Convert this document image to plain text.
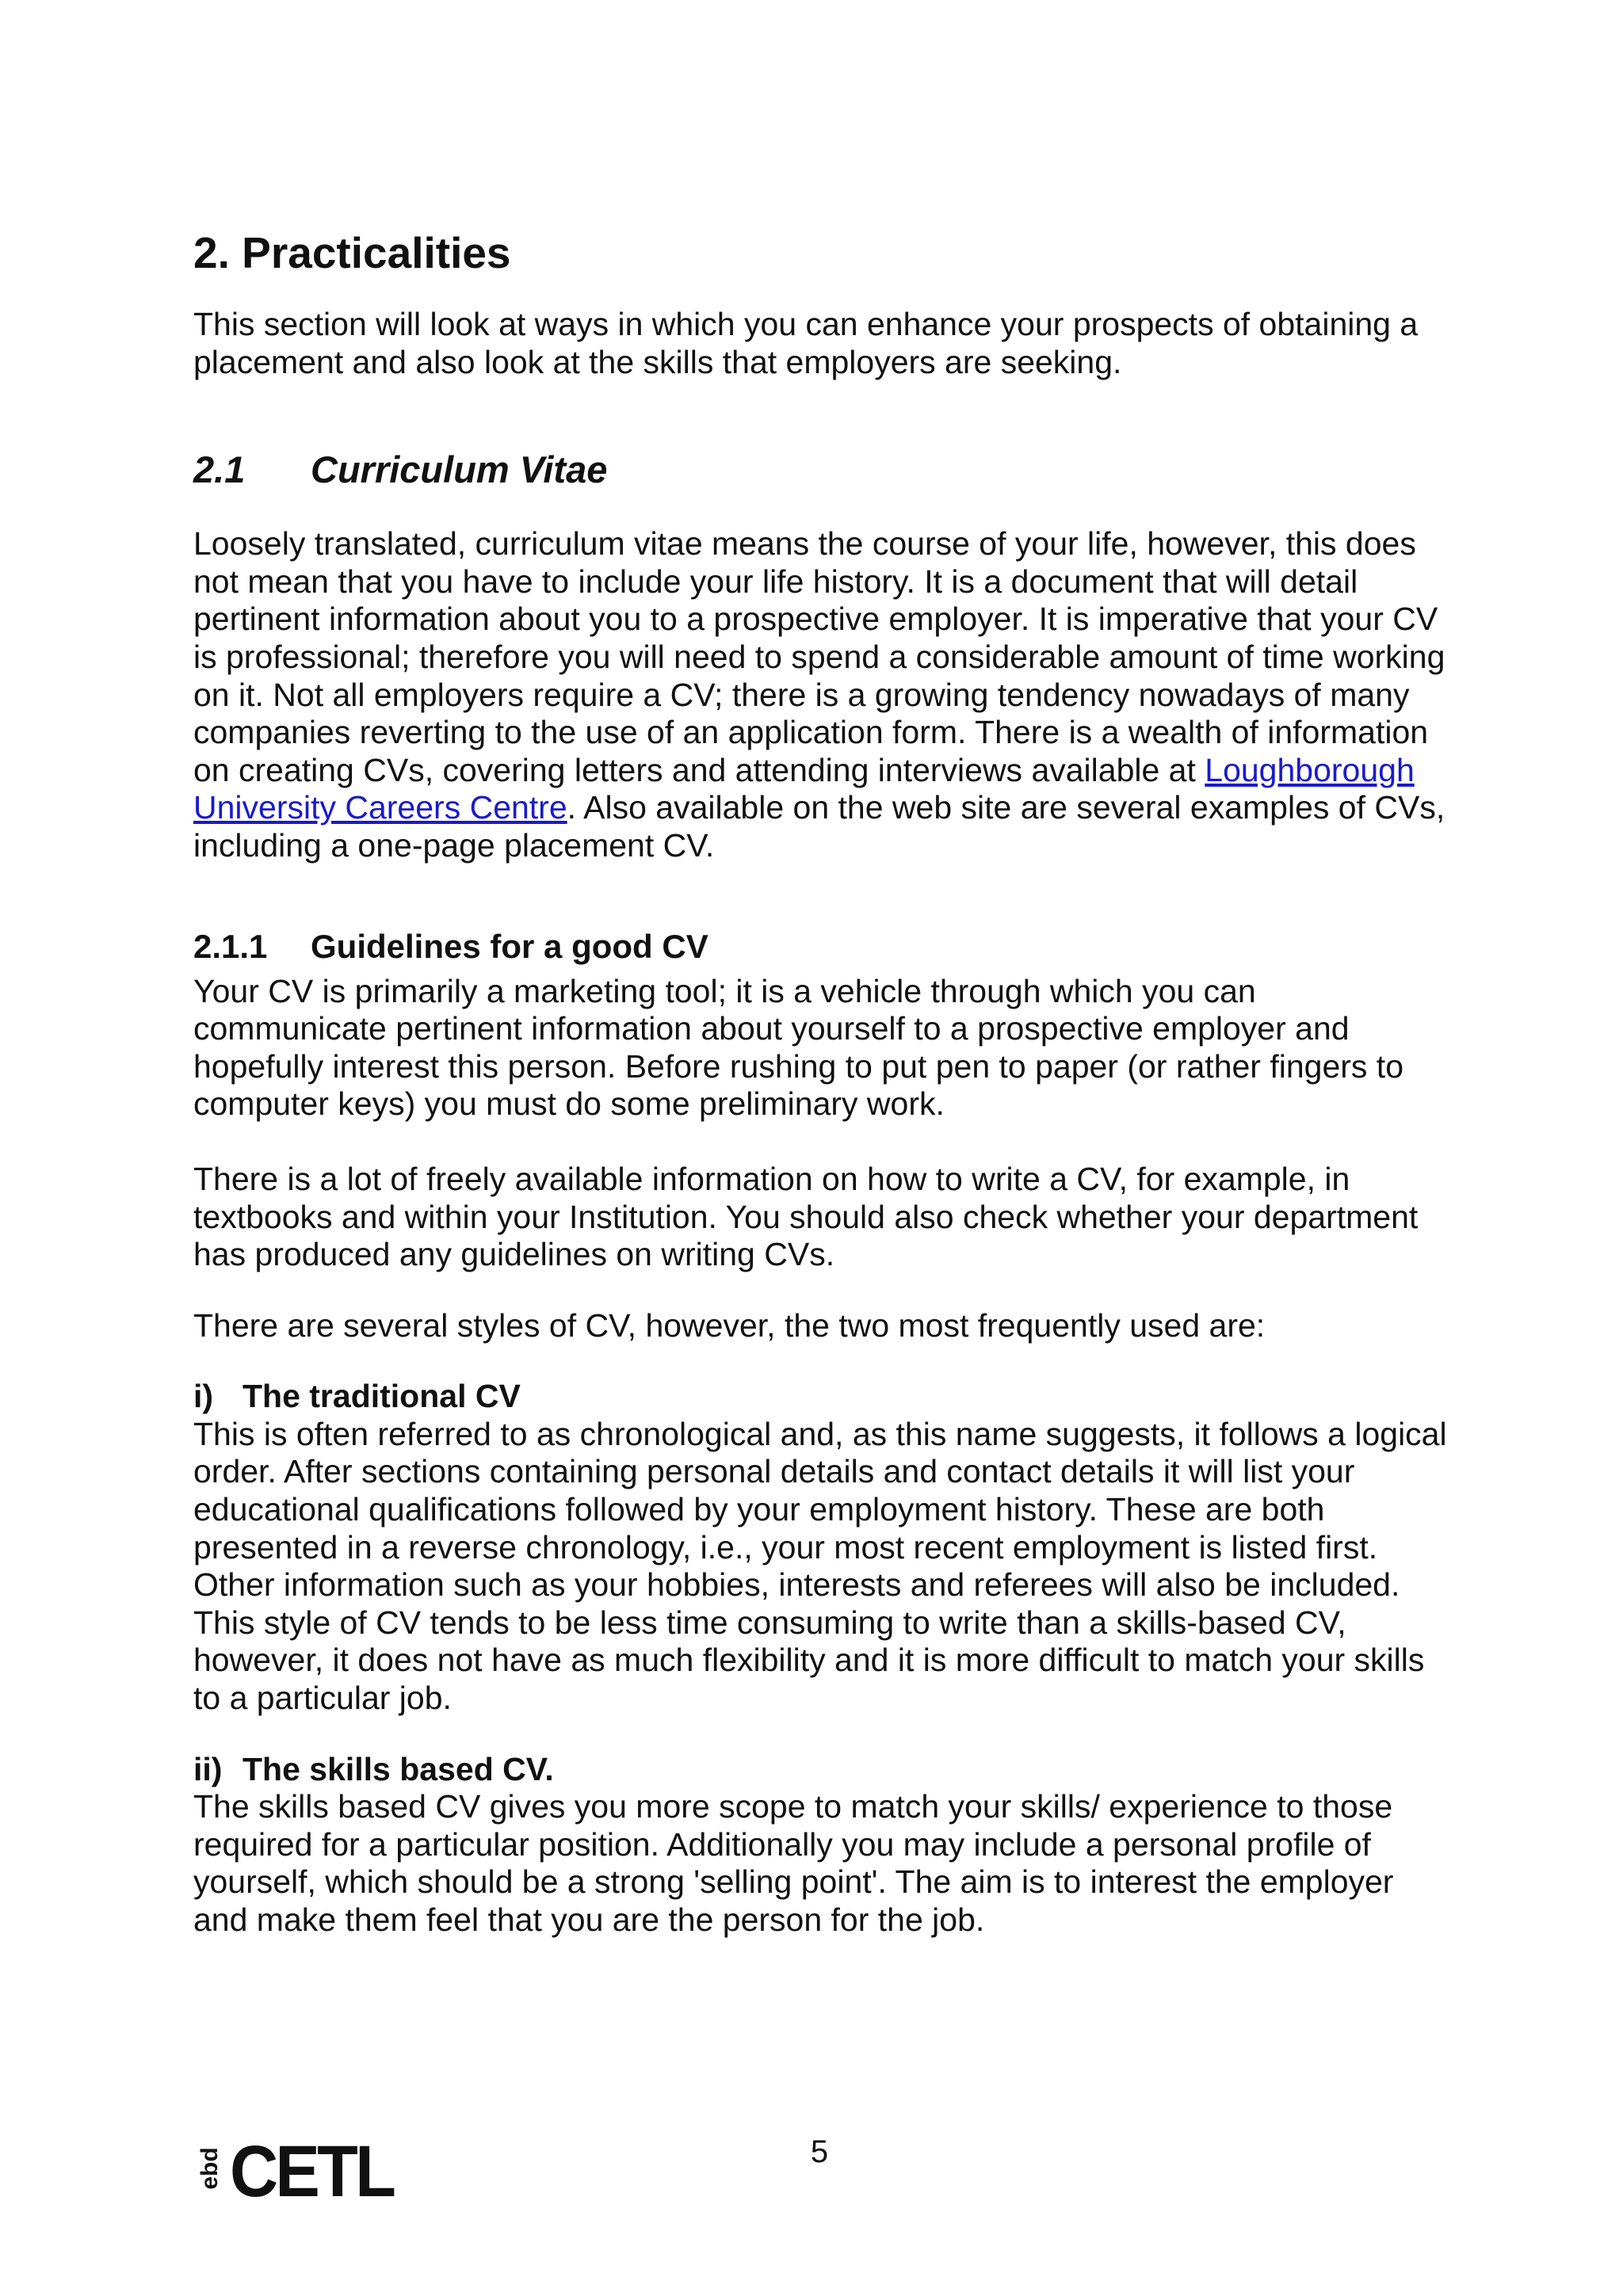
2. Practicalities

This section will look at ways in which you can enhance your prospects of obtaining a placement and also look at the skills that employers are seeking.

2.1	Curriculum Vitae

Loosely translated, curriculum vitae means the course of your life, however, this does not mean that you have to include your life history. It is a document that will detail pertinent information about you to a prospective employer. It is imperative that your CV is professional; therefore you will need to spend a considerable amount of time working on it. Not all employers require a CV; there is a growing tendency nowadays of many companies reverting to the use of an application form. There is a wealth of information on creating CVs, covering letters and attending interviews available at Loughborough University Careers Centre. Also available on the web site are several examples of CVs, including a one-page placement CV.

2.1.1	Guidelines for a good CV

Your CV is primarily a marketing tool; it is a vehicle through which you can communicate pertinent information about yourself to a prospective employer and hopefully interest this person. Before rushing to put pen to paper (or rather fingers to computer keys) you must do some preliminary work.

There is a lot of freely available information on how to write a CV, for example, in textbooks and within your Institution. You should also check whether your department has produced any guidelines on writing CVs.

There are several styles of CV, however, the two most frequently used are:

i) The traditional CV

This is often referred to as chronological and, as this name suggests, it follows a logical order. After sections containing personal details and contact details it will list your educational qualifications followed by your employment history. These are both presented in a reverse chronology, i.e., your most recent employment is listed first. Other information such as your hobbies, interests and referees will also be included. This style of CV tends to be less time consuming to write than a skills-based CV, however, it does not have as much flexibility and it is more difficult to match your skills to a particular job.

ii) The skills based CV.

The skills based CV gives you more scope to match your skills/ experience to those required for a particular position. Additionally you may include a personal profile of yourself, which should be a strong 'selling point'. The aim is to interest the employer and make them feel that you are the person for the job.

ebd CETL	5
